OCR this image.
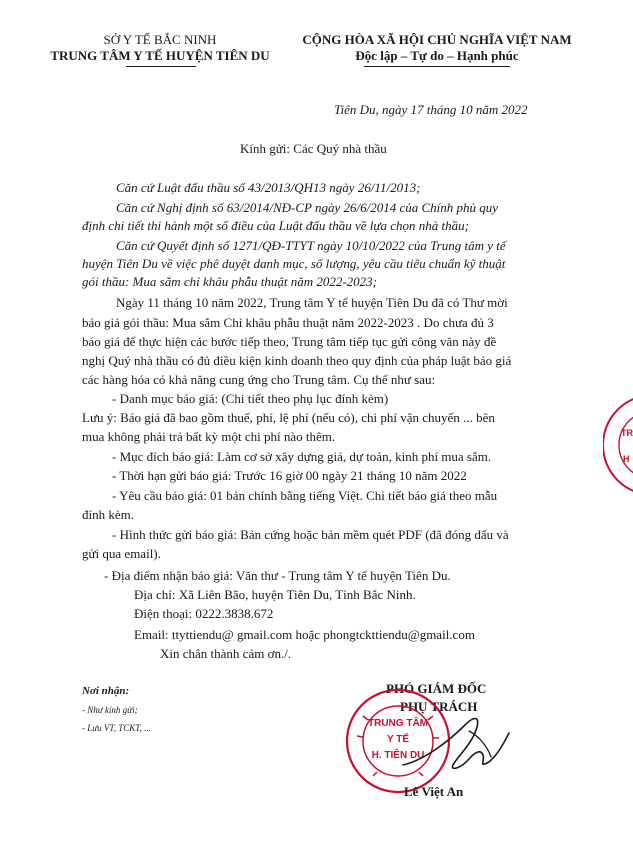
SỞ Y TẾ BẮC NINH
TRUNG TÂM Y TẾ HUYỆN TIÊN DU
CỘNG HÒA XÃ HỘI CHỦ NGHĨA VIỆT NAM
Độc lập – Tự do – Hạnh phúc
Tiên Du, ngày 17 tháng 10 năm 2022
Kính gửi: Các Quý nhà thầu
Căn cứ Luật đấu thầu số 43/2013/QH13 ngày 26/11/2013;
Căn cứ Nghị định số 63/2014/NĐ-CP ngày 26/6/2014 của Chính phủ quy
định chi tiết thi hành một số điều của Luật đấu thầu về lựa chọn nhà thầu;
Căn cứ Quyết định số 1271/QĐ-TTYT ngày 10/10/2022 của Trung tâm y tế
huyện Tiên Du về việc phê duyệt danh mục, số lượng, yêu cầu tiêu chuẩn kỹ thuật
gói thầu: Mua sắm chỉ khâu phẫu thuật năm 2022-2023;
Ngày 11 tháng 10 năm 2022, Trung tâm Y tế huyện Tiên Du đã có Thư mời
báo giá gói thầu: Mua sắm Chỉ khâu phẫu thuật năm 2022-2023 . Do chưa đủ 3
báo giá để thực hiện các bước tiếp theo, Trung tâm tiếp tục gửi công văn này đề
nghị Quý nhà thầu có đủ điều kiện kinh doanh theo quy định của pháp luật báo giá
các hàng hóa có khả năng cung ứng cho Trung tâm. Cụ thể như sau:
- Danh mục báo giá: (Chi tiết theo phụ lục đính kèm)
Lưu ý: Báo giá đã bao gồm thuế, phí, lệ phí (nếu có), chi phí vận chuyển ... bên
mua không phải trả bất kỳ một chi phí nào thêm.
- Mục đích báo giá: Làm cơ sở xây dựng giá, dự toán, kinh phí mua sắm.
- Thời hạn gửi báo giá: Trước 16 giờ 00 ngày 21 tháng 10 năm 2022
- Yêu cầu báo giá: 01 bản chính bằng tiếng Việt. Chi tiết báo giá theo mẫu
đính kèm.
- Hình thức gửi báo giá: Bản cứng hoặc bản mềm quét PDF (đã đóng dấu và
gửi qua email).
- Địa điểm nhận báo giá: Văn thư - Trung tâm Y tế huyện Tiên Du.
Địa chỉ: Xã Liên Bão, huyện Tiên Du, Tỉnh Bắc Ninh.
Điện thoại: 0222.3838.672
Email: ttyttiendu@ gmail.com hoặc phongtckttiendu@gmail.com
Xin chân thành cảm ơn./.
Nơi nhận:
- Như kính gửi;
- Lưu VT, TCKT, ...
PHÓ GIÁM ĐỐC
PHỤ TRÁCH
TRUNG TÂM
Y TẾ
H. TIÊN DU
Lê Việt An
TR
H
